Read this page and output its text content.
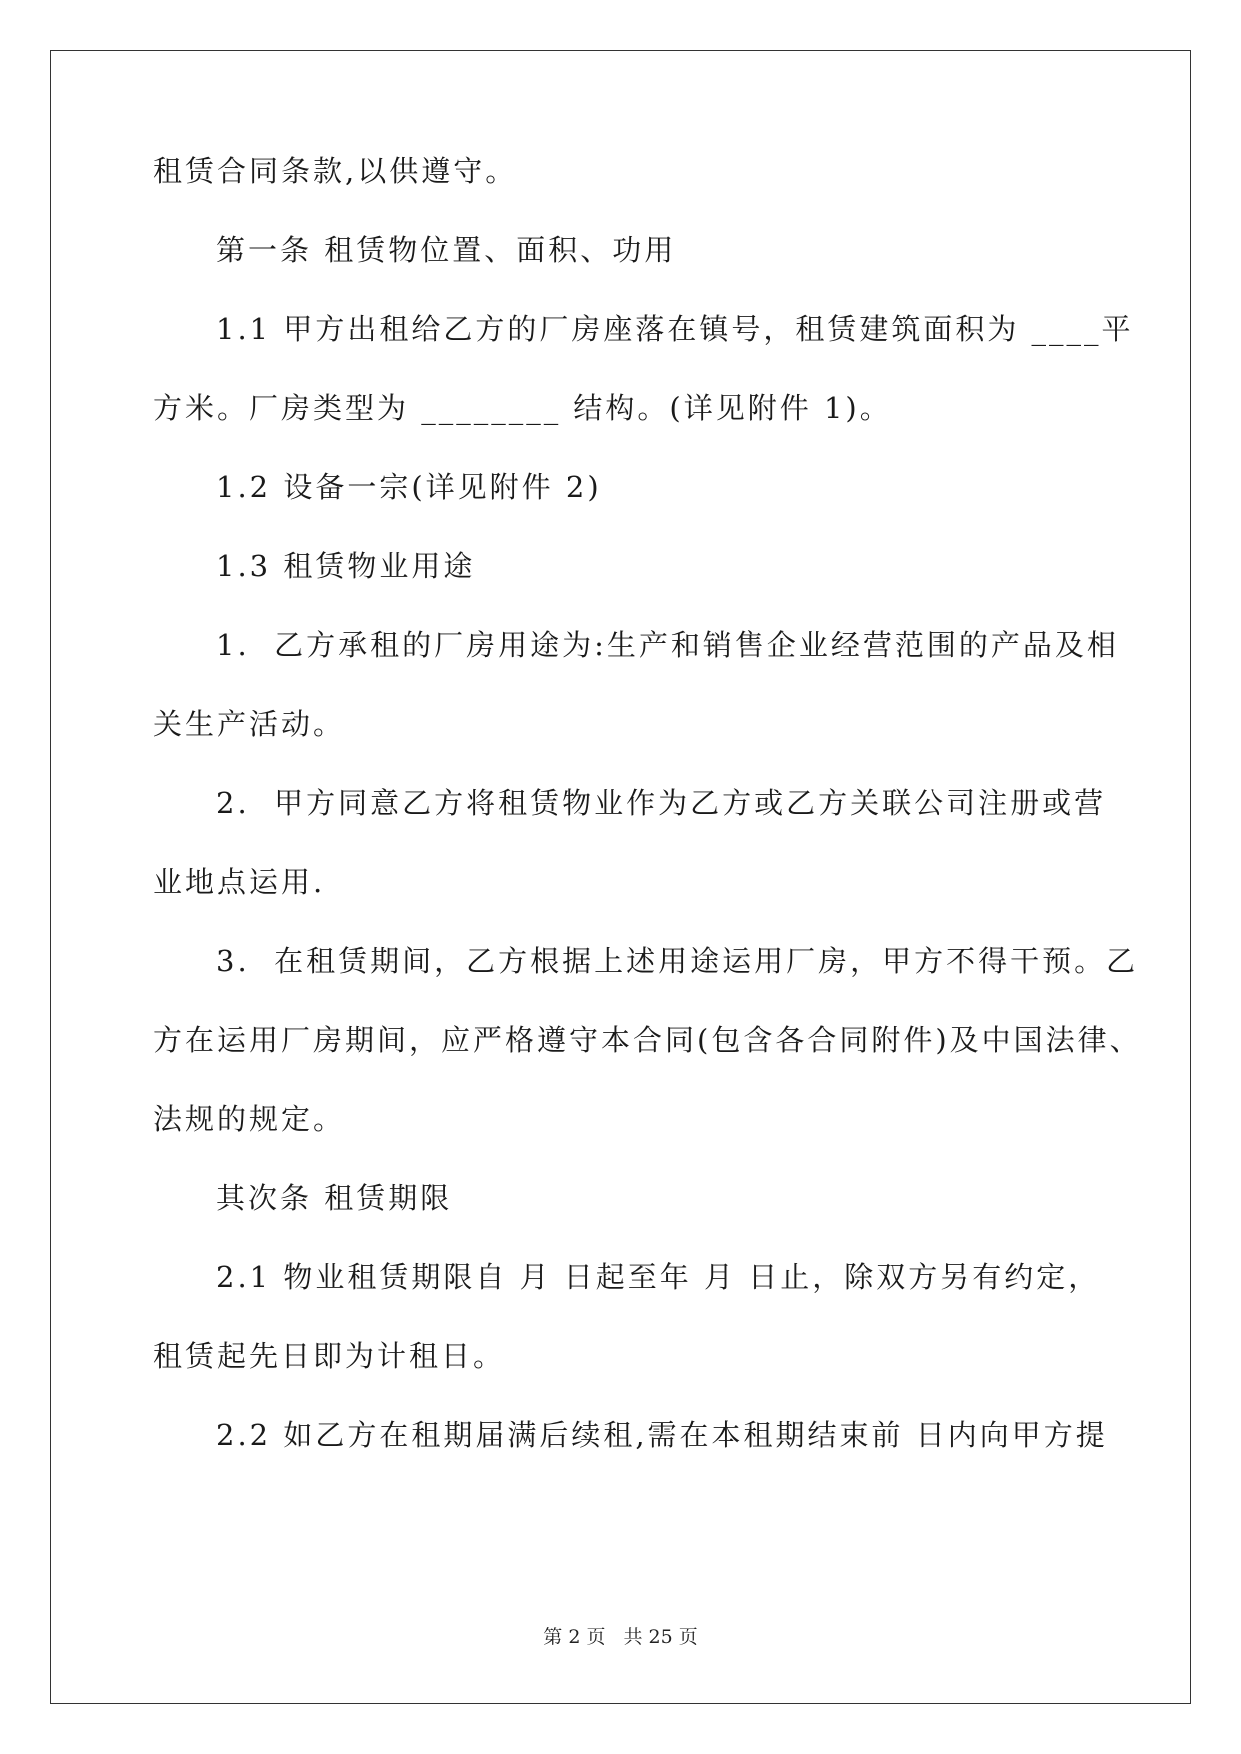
租赁合同条款,以供遵守。
第一条 租赁物位置、面积、功用
1.1 甲方出租给乙方的厂房座落在镇号，租赁建筑面积为 ____平
方米。厂房类型为 ________ 结构。(详见附件 1)。
1.2 设备一宗(详见附件 2)
1.3 租赁物业用途
1.  乙方承租的厂房用途为:生产和销售企业经营范围的产品及相
关生产活动。
2.  甲方同意乙方将租赁物业作为乙方或乙方关联公司注册或营
业地点运用.
3.  在租赁期间，乙方根据上述用途运用厂房，甲方不得干预。乙
方在运用厂房期间，应严格遵守本合同(包含各合同附件)及中国法律、
法规的规定。
其次条 租赁期限
2.1 物业租赁期限自 月 日起至年 月 日止，除双方另有约定，
租赁起先日即为计租日。
2.2 如乙方在租期届满后续租,需在本租期结束前 日内向甲方提
第 2 页 共 25 页
